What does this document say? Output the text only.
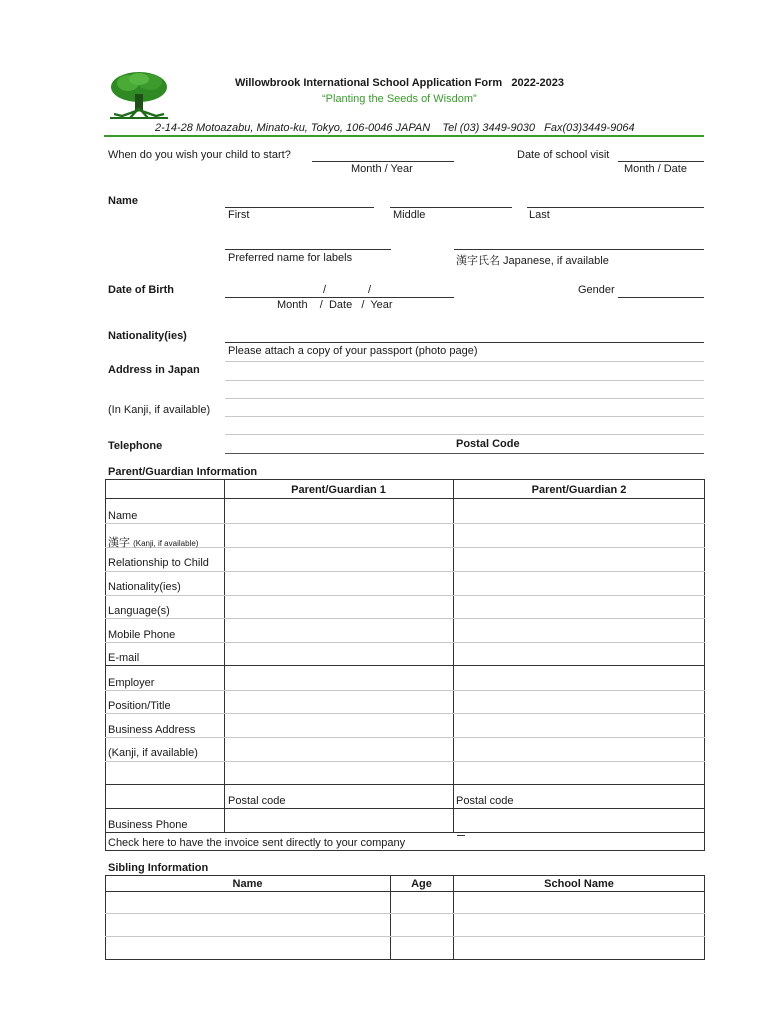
Willowbrook International School Application Form 2022-2023
“Planting the Seeds of Wisdom”
2-14-28 Motoazabu, Minato-ku, Tokyo, 106-0046 JAPAN Tel (03) 3449-9030 Fax(03)3449-9064
When do you wish your child to start?
Month / Year
Date of school visit
Month / Date
Name
First	Middle	Last
Preferred name for labels	漢字氏名 Japanese, if available
Date of Birth	/	/
Month    /  Date   /  Year
Gender
Nationality(ies)
Please attach a copy of your passport (photo page)
Address in Japan
(In Kanji, if available)
Telephone	Postal Code
Parent/Guardian Information
Parent/Guardian 1	Parent/Guardian 2
Name
漢字 (Kanji, if available)
Relationship to Child
Nationality(ies)
Language(s)
Mobile Phone
E-mail
Employer
Position/Title
Business Address
(Kanji, if available)
Postal code	Postal code
Business Phone
Check here to have the invoice sent directly to your company
Sibling Information
Name	Age	School Name
